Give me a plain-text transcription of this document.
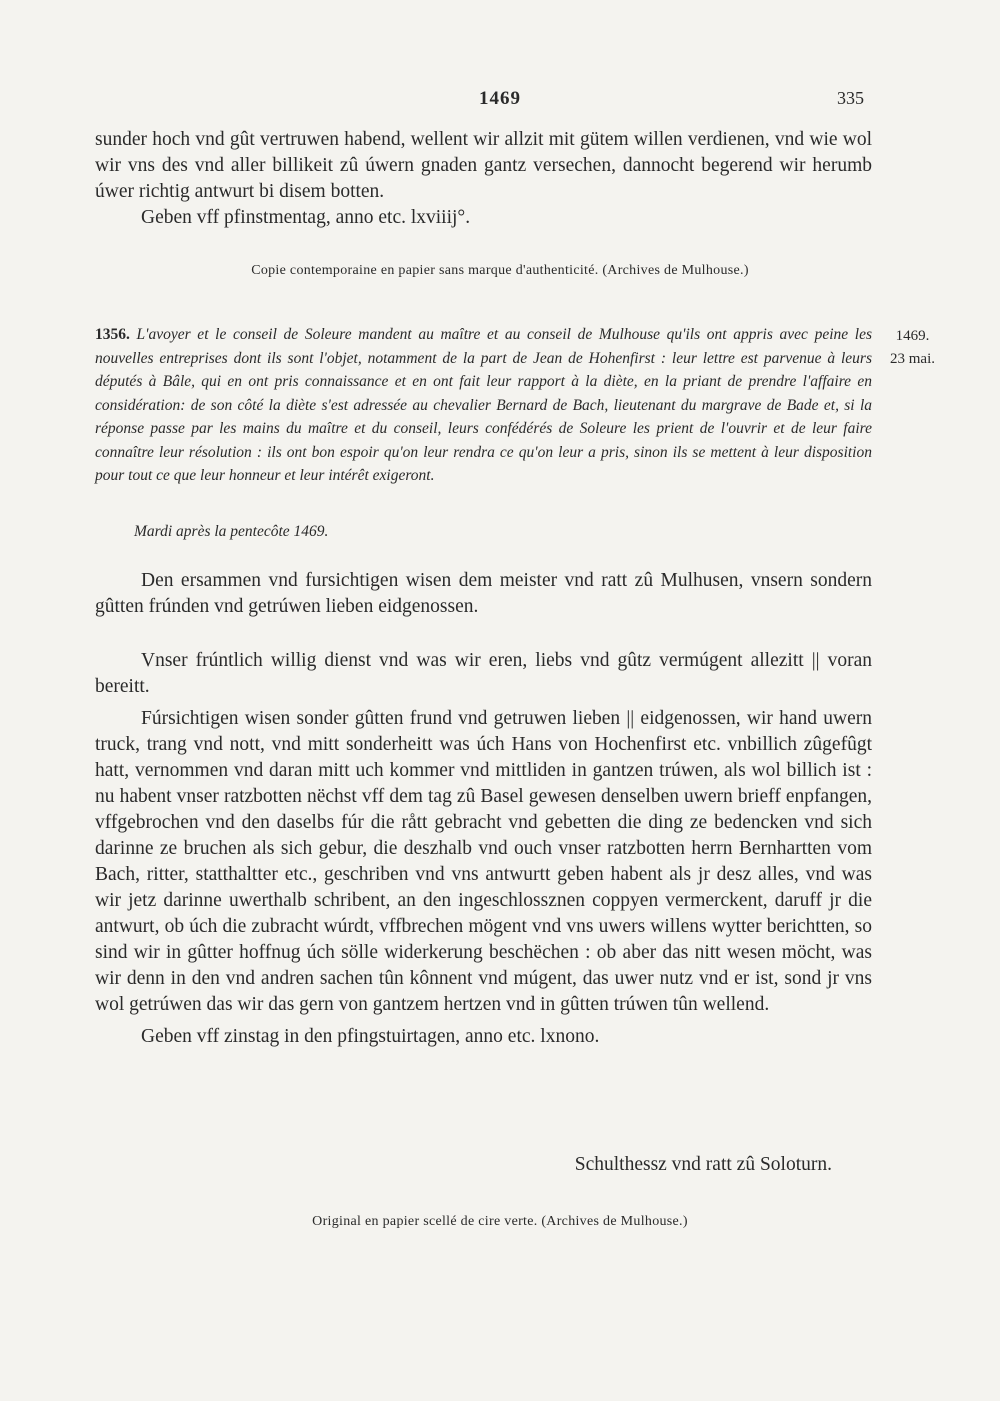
1469	335

sunder hoch vnd gût vertruwen habend, wellent wir allzit mit gütem willen verdienen, vnd wie wol wir vns des vnd aller billikeit zû úwern gnaden gantz versechen, dannocht begerend wir herumb úwer richtig antwurt bi disem botten.

Geben vff pfinstmentag, anno etc. lxviiij°.

Copie contemporaine en papier sans marque d'authenticité. (Archives de Mulhouse.)

1356. L'avoyer et le conseil de Soleure mandent au maître et au conseil de Mulhouse qu'ils ont appris avec peine les nouvelles entreprises dont ils sont l'objet, notamment de la part de Jean de Hohenfirst : leur lettre est parvenue à leurs députés à Bâle, qui en ont pris connaissance et en ont fait leur rapport à la diète, en la priant de prendre l'affaire en considération: de son côté la diète s'est adressée au chevalier Bernard de Bach, lieutenant du margrave de Bade et, si la réponse passe par les mains du maître et du conseil, leurs confédérés de Soleure les prient de l'ouvrir et de leur faire connaître leur résolution : ils ont bon espoir qu'on leur rendra ce qu'on leur a pris, sinon ils se mettent à leur disposition pour tout ce que leur honneur et leur intérêt exigeront.

1469.
23 mai.
Mardi après la pentecôte 1469.

Den ersammen vnd fursichtigen wisen dem meister vnd ratt zû Mulhusen, vnsern sondern gûtten frúnden vnd getrúwen lieben eidgenossen.

Vnser frúntlich willig dienst vnd was wir eren, liebs vnd gûtz vermúgent allezitt || voran bereitt.

Fúrsichtigen wisen sonder gûtten frund vnd getruwen lieben || eidgenossen, wir hand uwern truck, trang vnd nott, vnd mitt sonderheitt was úch Hans von Hochenfirst etc. vnbillich zûgefûgt hatt, vernommen vnd daran mitt uch kommer vnd mittliden in gantzen trúwen, als wol billich ist : nu habent vnser ratzbotten nëchst vff dem tag zû Basel gewesen denselben uwern brieff enpfangen, vffgebrochen vnd den daselbs fúr die rått gebracht vnd gebetten die ding ze bedencken vnd sich darinne ze bruchen als sich gebur, die deszhalb vnd ouch vnser ratzbotten herrn Bernhartten vom Bach, ritter, statthaltter etc., geschriben vnd vns antwurtt geben habent als jr desz alles, vnd was wir jetz darinne uwerthalb schribent, an den ingeschlossznen coppyen vermerckent, daruff jr die antwurt, ob úch die zubracht wúrdt, vffbrechen mögent vnd vns uwers willens wytter berichtten, so sind wir in gûtter hoffnug úch sölle widerkerung beschëchen : ob aber das nitt wesen möcht, was wir denn in den vnd andren sachen tûn kônnent vnd múgent, das uwer nutz vnd er ist, sond jr vns wol getrúwen das wir das gern von gantzem hertzen vnd in gûtten trúwen tûn wellend.

Geben vff zinstag in den pfingstuirtagen, anno etc. lxnono.

Schulthessz vnd ratt zû Soloturn.
Original en papier scellé de cire verte. (Archives de Mulhouse.)
